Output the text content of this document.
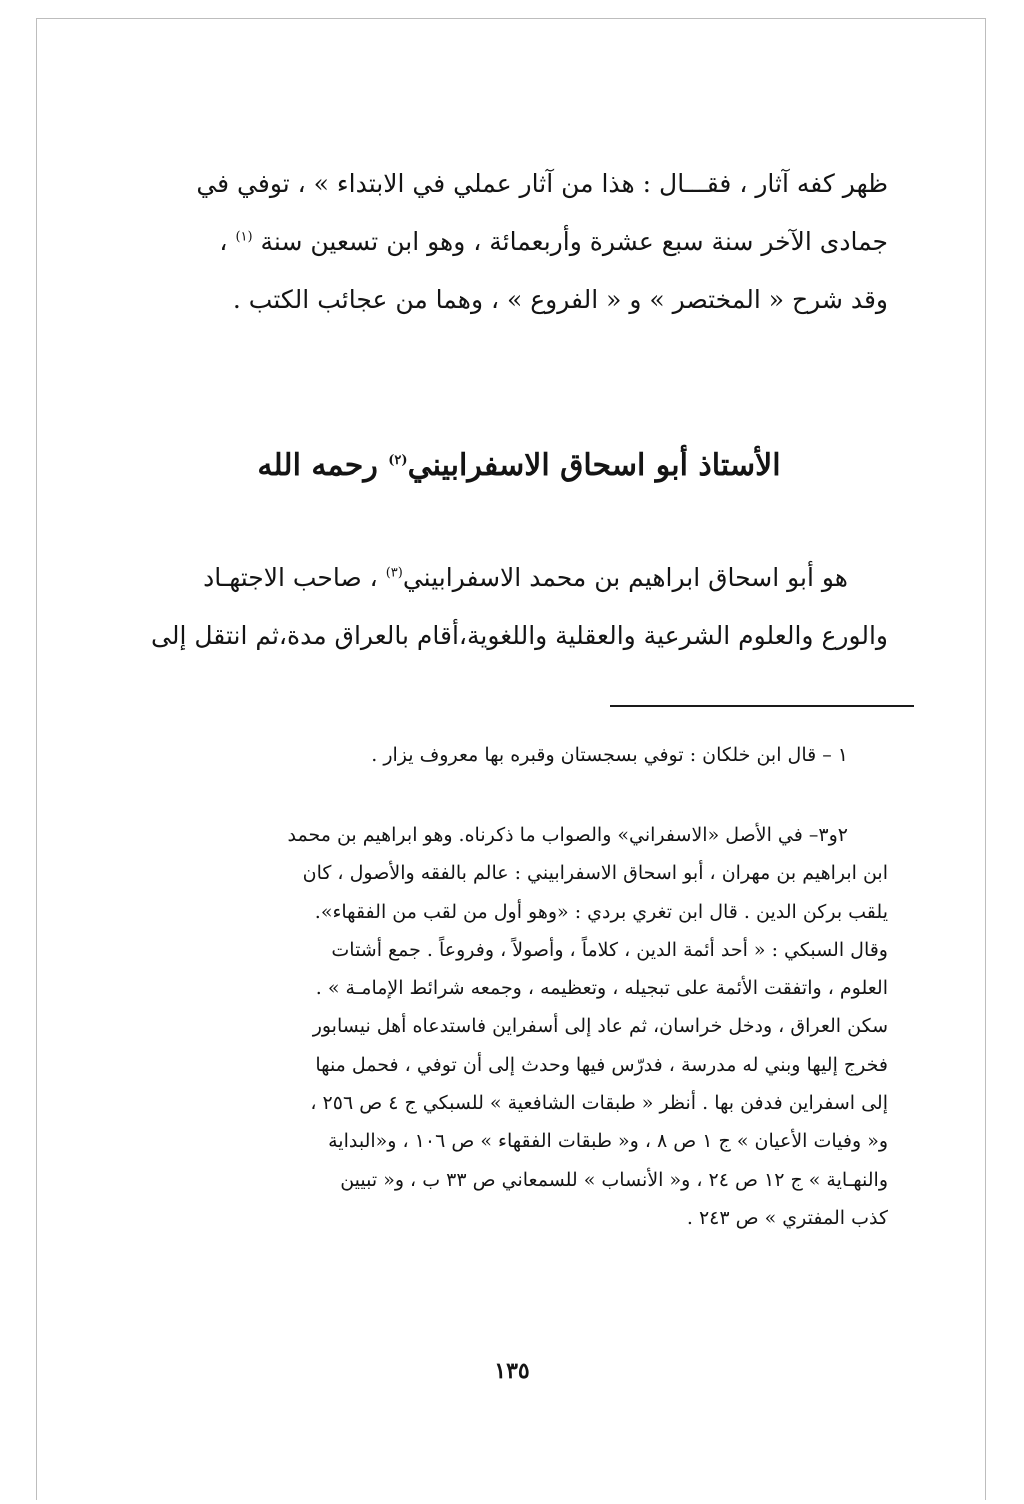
ظهر كفه آثار ، فقـــال : هذا من آثار عملي في الابتداء » ، توفي في
جمادى الآخر سنة سبع عشرة وأربعمائة ، وهو ابن تسعين سنة $^{(١)}$ ،
وقد شرح « المختصر » و « الفروع » ، وهما من عجائب الكتب .
الأستاذ أبو اسحاق الاسفرابيني$^{(٢)}$ رحمه الله
هو أبو اسحاق ابراهيم بن محمد الاسفرابيني$^{(٣)}$ ، صاحب الاجتهـاد
والورع والعلوم الشرعية والعقلية واللغوية،أقام بالعراق مدة،ثم انتقل إلى
١ – قال ابن خلكان : توفي بسجستان وقبره بها معروف يزار .
٢و٣– في الأصل «الاسفراني» والصواب ما ذكرناه. وهو ابراهيم بن محمد
ابن ابراهيم بن مهران ، أبو اسحاق الاسفرابيني : عالم بالفقه والأصول ، كان
يلقب بركن الدين . قال ابن تغري بردي : «وهو أول من لقب من الفقهاء».
وقال السبكي : « أحد أئمة الدين ، كلاماً ، وأصولاً ، وفروعاً . جمع أشتات
العلوم ، واتفقت الأئمة على تبجيله ، وتعظيمه ، وجمعه شرائط الإمامـة » .
سكن العراق ، ودخل خراسان، ثم عاد إلى أسفراين فاستدعاه أهل نيسابور
فخرج إليها وبني له مدرسة ، فدرّس فيها وحدث إلى أن توفي ، فحمل منها
إلى اسفراين فدفن بها . أنظر « طبقات الشافعية » للسبكي ج ٤ ص ٢٥٦ ،
و« وفيات الأعيان » ج ١ ص ٨ ، و« طبقات الفقهاء » ص ١٠٦ ، و«البداية
والنهـاية » ج ١٢ ص ٢٤ ، و« الأنساب » للسمعاني ص ٣٣ ب ، و« تبيين
كذب المفتري » ص ٢٤٣ .
١٣٥
